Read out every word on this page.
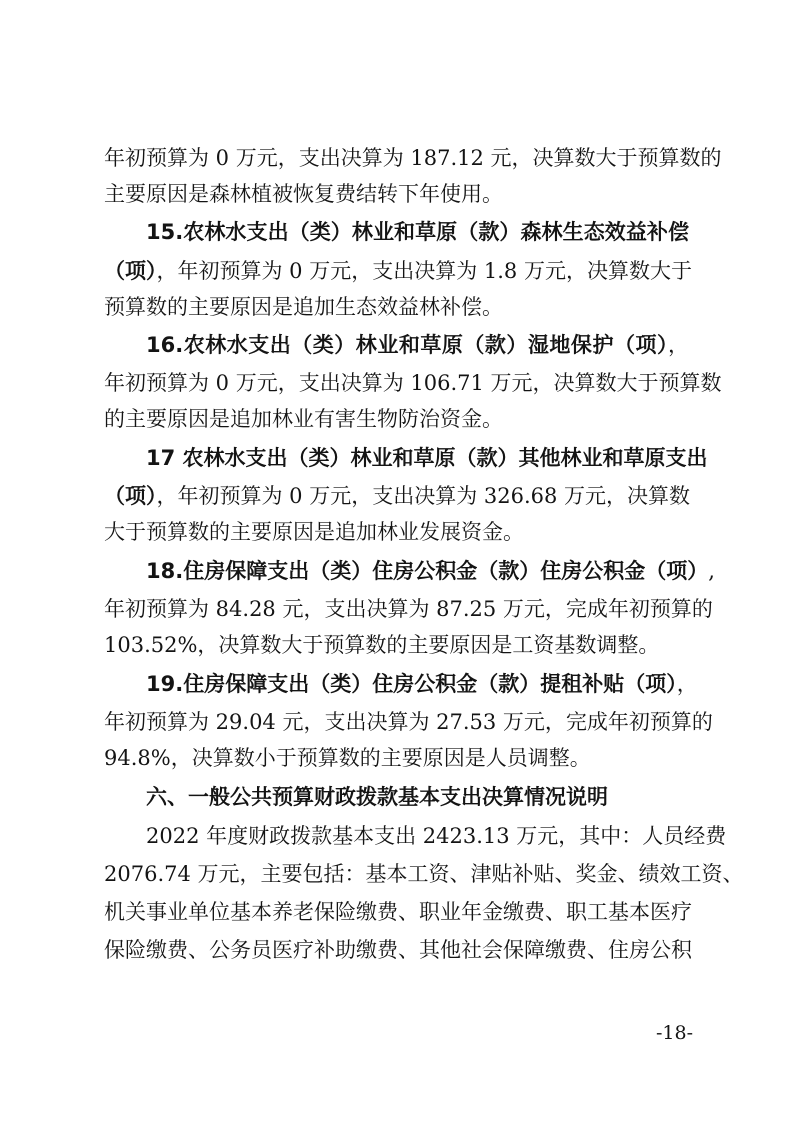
年初预算为 0 万元，支出决算为 187.12 元，决算数大于预算数的
主要原因是森林植被恢复费结转下年使用。
15.农林水支出（类）林业和草原（款）森林生态效益补偿
（项），年初预算为 0 万元，支出决算为 1.8 万元，决算数大于
预算数的主要原因是追加生态效益林补偿。
16.农林水支出（类）林业和草原（款）湿地保护（项），
年初预算为 0 万元，支出决算为 106.71 万元，决算数大于预算数
的主要原因是追加林业有害生物防治资金。
17 农林水支出（类）林业和草原（款）其他林业和草原支出
（项），年初预算为 0 万元，支出决算为 326.68 万元，决算数
大于预算数的主要原因是追加林业发展资金。
18.住房保障支出（类）住房公积金（款）住房公积金（项）,
年初预算为 84.28 元，支出决算为 87.25 万元，完成年初预算的
103.52%，决算数大于预算数的主要原因是工资基数调整。
19.住房保障支出（类）住房公积金（款）提租补贴（项），
年初预算为 29.04 元，支出决算为 27.53 万元，完成年初预算的
94.8%，决算数小于预算数的主要原因是人员调整。
六、一般公共预算财政拨款基本支出决算情况说明
2022 年度财政拨款基本支出 2423.13 万元，其中：人员经费
2076.74 万元，主要包括：基本工资、津贴补贴、奖金、绩效工资、
机关事业单位基本养老保险缴费、职业年金缴费、职工基本医疗
保险缴费、公务员医疗补助缴费、其他社会保障缴费、住房公积
-18-
